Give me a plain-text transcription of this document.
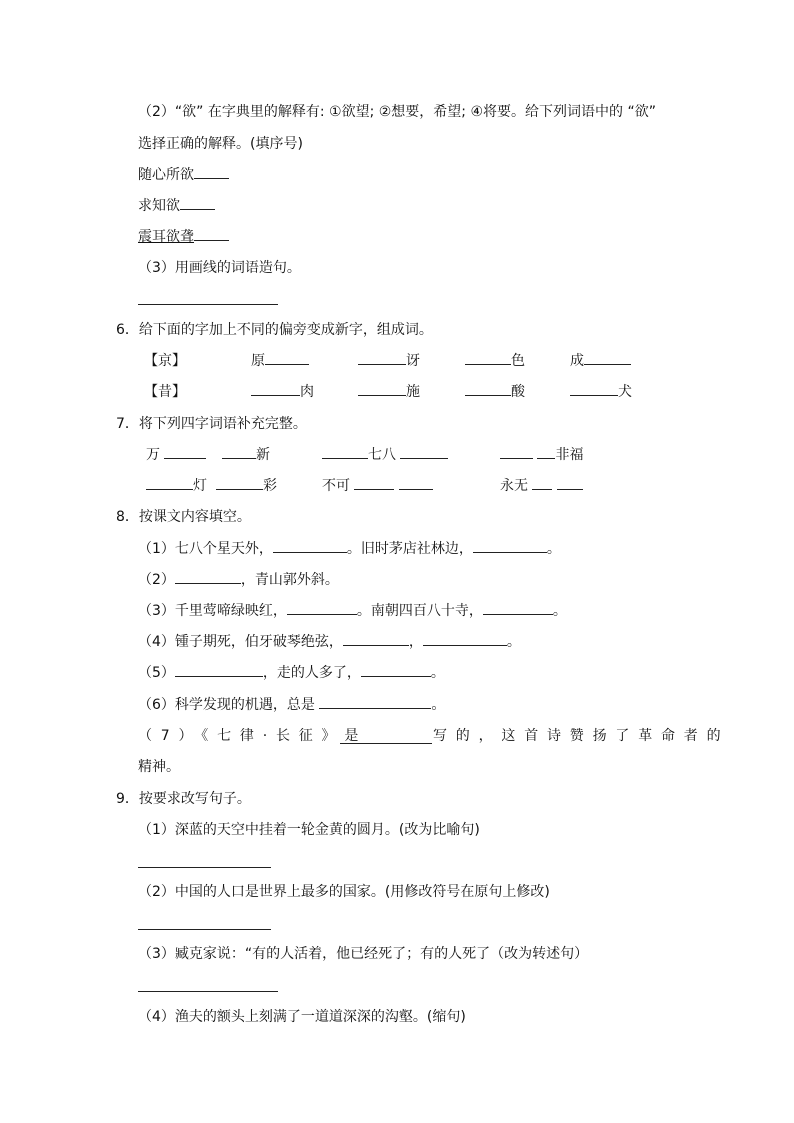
（2）“欲” 在字典里的解释有: ①欲望; ②想要，希望; ④将要。给下列词语中的 “欲”
选择正确的解释。(填序号)
随心所欲
求知欲
震耳欲聋
（3）用画线的词语造句。
6．给下面的字加上不同的偏旁变成新字，组成词。
【京】	原	讶	色	成
【昔】	肉	施	酸	犬
7．将下列四字词语补充完整。
万	新	七八	非福
灯	彩	不可	永无
8．按课文内容填空。
（1）七八个星天外，	。旧时茅店社林边，	。
（2）	，青山郭外斜。
（3）千里莺啼绿映红，	。南朝四百八十寺，	。
（4）锺子期死，伯牙破琴绝弦，	，	。
（5）	，走的人多了，	。
（6）科学发现的机遇，总是	。
（7）《七律·长征》是	写的，这首诗赞扬了革命者的
精神。
9．按要求改写句子。
（1）深蓝的天空中挂着一轮金黄的圆月。(改为比喻句)
（2）中国的人口是世界上最多的国家。(用修改符号在原句上修改)
（3）臧克家说：“有的人活着，他已经死了；有的人死了（改为转述句）
（4）渔夫的额头上刻满了一道道深深的沟壑。(缩句)
